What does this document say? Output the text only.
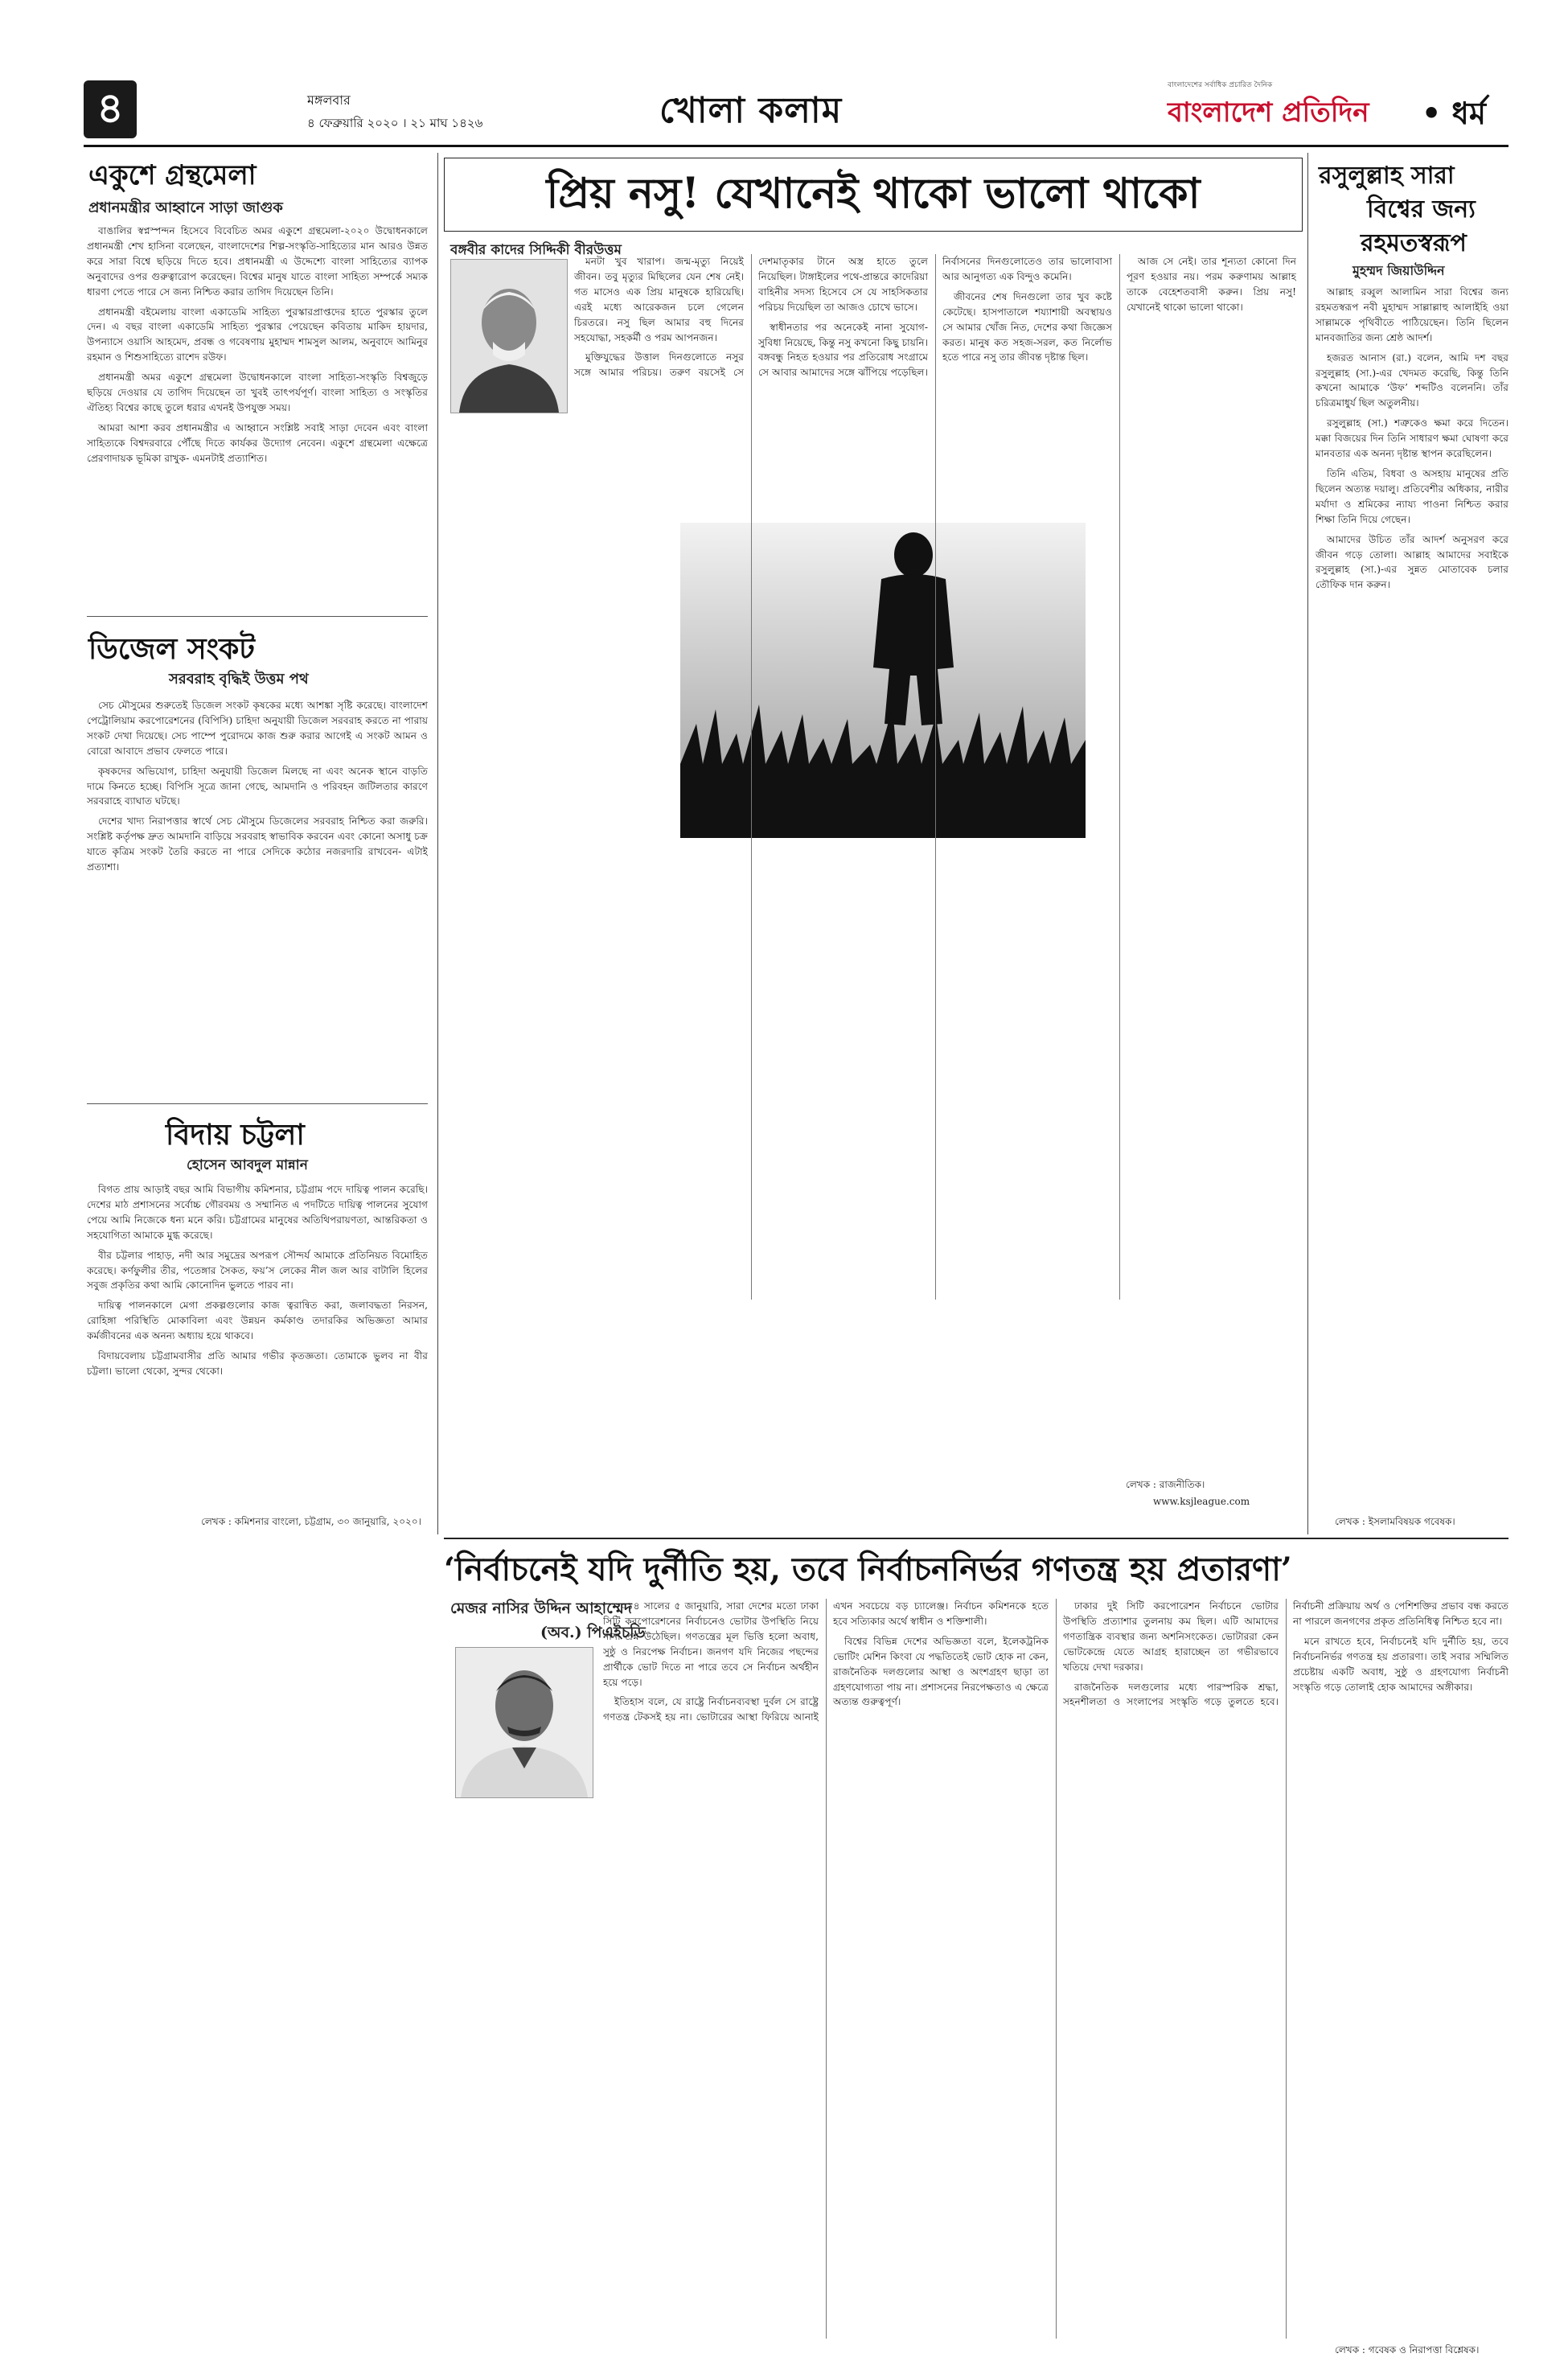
৪	মঙ্গলবার
৪ ফেব্রুয়ারি ২০২০ । ২১ মাঘ ১৪২৬	খোলা কলাম
বাংলাদেশের সর্বাধিক প্রচারিত দৈনিক
বাংলাদেশ প্রতিদিন • ধর্ম
একুশে গ্রন্থমেলা
প্রধানমন্ত্রীর আহ্বানে সাড়া জাগুক

বাঙালির স্বপ্নস্পন্দন হিসেবে বিবেচিত অমর একুশে গ্রন্থমেলা-২০২০ উদ্বোধনকালে প্রধানমন্ত্রী শেখ হাসিনা বলেছেন, বাংলাদেশের শিল্প-সংস্কৃতি-সাহিত্যের মান আরও উন্নত করে সারা বিশ্বে ছড়িয়ে দিতে হবে। প্রধানমন্ত্রী এ উদ্দেশ্যে বাংলা সাহিত্যের ব্যাপক অনুবাদের ওপর গুরুত্বারোপ করেছেন। বিশ্বের মানুষ যাতে বাংলা সাহিত্য সম্পর্কে সম্যক ধারণা পেতে পারে সে জন্য নিশ্চিত করার তাগিদ দিয়েছেন তিনি।

প্রধানমন্ত্রী বইমেলায় বাংলা একাডেমি সাহিত্য পুরস্কারপ্রাপ্তদের হাতে পুরস্কার তুলে দেন। এ বছর বাংলা একাডেমি সাহিত্য পুরস্কার পেয়েছেন কবিতায় মাকিদ হায়দার, উপন্যাসে ওয়াসি আহমেদ, প্রবন্ধ ও গবেষণায় মুহাম্মদ শামসুল আলম, অনুবাদে আমিনুর রহমান ও শিশুসাহিত্যে রাশেদ রউফ।

প্রধানমন্ত্রী অমর একুশে গ্রন্থমেলা উদ্বোধনকালে বাংলা সাহিত্য-সংস্কৃতি বিশ্বজুড়ে ছড়িয়ে দেওয়ার যে তাগিদ দিয়েছেন তা খুবই তাৎপর্যপূর্ণ। বাংলা সাহিত্য ও সংস্কৃতির ঐতিহ্য বিশ্বের কাছে তুলে ধরার এখনই উপযুক্ত সময়।

আমরা আশা করব প্রধানমন্ত্রীর এ আহ্বানে সংশ্লিষ্ট সবাই সাড়া দেবেন এবং বাংলা সাহিত্যকে বিশ্বদরবারে পৌঁছে দিতে কার্যকর উদ্যোগ নেবেন। একুশে গ্রন্থমেলা এক্ষেত্রে প্রেরণাদায়ক ভূমিকা রাখুক- এমনটাই প্রত্যাশিত।

ডিজেল সংকট
সরবরাহ বৃদ্ধিই উত্তম পথ

সেচ মৌসুমের শুরুতেই ডিজেল সংকট কৃষকের মধ্যে আশঙ্কা সৃষ্টি করেছে। বাংলাদেশ পেট্রোলিয়াম করপোরেশনের (বিপিসি) চাহিদা অনুযায়ী ডিজেল সরবরাহ করতে না পারায় সংকট দেখা দিয়েছে। সেচ পাম্পে পুরোদমে কাজ শুরু করার আগেই এ সংকট আমন ও বোরো আবাদে প্রভাব ফেলতে পারে।

কৃষকদের অভিযোগ, চাহিদা অনুযায়ী ডিজেল মিলছে না এবং অনেক স্থানে বাড়তি দামে কিনতে হচ্ছে। বিপিসি সূত্রে জানা গেছে, আমদানি ও পরিবহন জটিলতার কারণে সরবরাহে ব্যাঘাত ঘটছে।

দেশের খাদ্য নিরাপত্তার স্বার্থে সেচ মৌসুমে ডিজেলের সরবরাহ নিশ্চিত করা জরুরি। সংশ্লিষ্ট কর্তৃপক্ষ দ্রুত আমদানি বাড়িয়ে সরবরাহ স্বাভাবিক করবেন এবং কোনো অসাধু চক্র যাতে কৃত্রিম সংকট তৈরি করতে না পারে সেদিকে কঠোর নজরদারি রাখবেন- এটাই প্রত্যাশা।

বিদায় চট্টলা
হোসেন আবদুল মান্নান

বিগত প্রায় আড়াই বছর আমি বিভাগীয় কমিশনার, চট্টগ্রাম পদে দায়িত্ব পালন করেছি। দেশের মাঠ প্রশাসনের সর্বোচ্চ গৌরবময় ও সম্মানিত এ পদটিতে দায়িত্ব পালনের সুযোগ পেয়ে আমি নিজেকে ধন্য মনে করি। চট্টগ্রামের মানুষের অতিথিপরায়ণতা, আন্তরিকতা ও সহযোগিতা আমাকে মুগ্ধ করেছে।

বীর চট্টলার পাহাড়, নদী আর সমুদ্রের অপরূপ সৌন্দর্য আমাকে প্রতিনিয়ত বিমোহিত করেছে। কর্ণফুলীর তীর, পতেঙ্গার সৈকত, ফয়’স লেকের নীল জল আর বাটালি হিলের সবুজ প্রকৃতির কথা আমি কোনোদিন ভুলতে পারব না।

দায়িত্ব পালনকালে মেগা প্রকল্পগুলোর কাজ ত্বরান্বিত করা, জলাবদ্ধতা নিরসন, রোহিঙ্গা পরিস্থিতি মোকাবিলা এবং উন্নয়ন কর্মকাণ্ড তদারকির অভিজ্ঞতা আমার কর্মজীবনের এক অনন্য অধ্যায় হয়ে থাকবে।

বিদায়বেলায় চট্টগ্রামবাসীর প্রতি আমার গভীর কৃতজ্ঞতা। তোমাকে ভুলব না বীর চট্টলা। ভালো থেকো, সুন্দর থেকো।

লেখক : কমিশনার বাংলো, চট্টগ্রাম, ৩০ জানুয়ারি, ২০২০।
প্রিয় নসু! যেখানেই থাকো ভালো থাকো
বঙ্গবীর কাদের সিদ্দিকী বীরউত্তম

মনটা খুব খারাপ। জন্ম-মৃত্যু নিয়েই জীবন। তবু মৃত্যুর মিছিলের যেন শেষ নেই। গত মাসেও এক প্রিয় মানুষকে হারিয়েছি। এরই মধ্যে আরেকজন চলে গেলেন চিরতরে। নসু ছিল আমার বহু দিনের সহযোদ্ধা, সহকর্মী ও পরম আপনজন।

মুক্তিযুদ্ধের উত্তাল দিনগুলোতে নসুর সঙ্গে আমার পরিচয়। তরুণ বয়সেই সে দেশমাতৃকার টানে অস্ত্র হাতে তুলে নিয়েছিল। টাঙ্গাইলের পথে-প্রান্তরে কাদেরিয়া বাহিনীর সদস্য হিসেবে সে যে সাহসিকতার পরিচয় দিয়েছিল তা আজও চোখে ভাসে।

স্বাধীনতার পর অনেকেই নানা সুযোগ-সুবিধা নিয়েছে, কিন্তু নসু কখনো কিছু চায়নি। বঙ্গবন্ধু নিহত হওয়ার পর প্রতিরোধ সংগ্রামে সে আবার আমাদের সঙ্গে ঝাঁপিয়ে পড়েছিল। নির্বাসনের দিনগুলোতেও তার ভালোবাসা আর আনুগত্য এক বিন্দুও কমেনি।

জীবনের শেষ দিনগুলো তার খুব কষ্টে কেটেছে। হাসপাতালে শয্যাশায়ী অবস্থায়ও সে আমার খোঁজ নিত, দেশের কথা জিজ্ঞেস করত। মানুষ কত সহজ-সরল, কত নির্লোভ হতে পারে নসু তার জীবন্ত দৃষ্টান্ত ছিল।

আজ সে নেই। তার শূন্যতা কোনো দিন পূরণ হওয়ার নয়। পরম করুণাময় আল্লাহ তাকে বেহেশতবাসী করুন। প্রিয় নসু! যেখানেই থাকো ভালো থাকো।

লেখক : রাজনীতিক।
www.ksjleague.com
রসুলুল্লাহ সারা
বিশ্বের জন্য
রহমতস্বরূপ
মুহম্মদ জিয়াউদ্দিন

আল্লাহ রব্বুল আলামিন সারা বিশ্বের জন্য রহমতস্বরূপ নবী মুহাম্মদ সাল্লাল্লাহু আলাইহি ওয়া সাল্লামকে পৃথিবীতে পাঠিয়েছেন। তিনি ছিলেন মানবজাতির জন্য শ্রেষ্ঠ আদর্শ।

হজরত আনাস (রা.) বলেন, আমি দশ বছর রসুলুল্লাহ (সা.)-এর খেদমত করেছি, কিন্তু তিনি কখনো আমাকে ‘উফ’ শব্দটিও বলেননি। তাঁর চরিত্রমাধুর্য ছিল অতুলনীয়।

রসুলুল্লাহ (সা.) শত্রুকেও ক্ষমা করে দিতেন। মক্কা বিজয়ের দিন তিনি সাধারণ ক্ষমা ঘোষণা করে মানবতার এক অনন্য দৃষ্টান্ত স্থাপন করেছিলেন।

তিনি এতিম, বিধবা ও অসহায় মানুষের প্রতি ছিলেন অত্যন্ত দয়ালু। প্রতিবেশীর অধিকার, নারীর মর্যাদা ও শ্রমিকের ন্যায্য পাওনা নিশ্চিত করার শিক্ষা তিনি দিয়ে গেছেন।

আমাদের উচিত তাঁর আদর্শ অনুসরণ করে জীবন গড়ে তোলা। আল্লাহ আমাদের সবাইকে রসুলুল্লাহ (সা.)-এর সুন্নত মোতাবেক চলার তৌফিক দান করুন।

লেখক : ইসলামবিষয়ক গবেষক।
‘নির্বাচনেই যদি দুর্নীতি হয়, তবে নির্বাচননির্ভর গণতন্ত্র হয় প্রতারণা’
মেজর নাসির উদ্দিন আহাম্মেদ
(অব.) পিএইচডি

২০১৪ সালের ৫ জানুয়ারি, সারা দেশের মতো ঢাকা সিটি করপোরেশনের নির্বাচনেও ভোটার উপস্থিতি নিয়ে নানা প্রশ্ন উঠেছিল। গণতন্ত্রের মূল ভিত্তি হলো অবাধ, সুষ্ঠু ও নিরপেক্ষ নির্বাচন। জনগণ যদি নিজের পছন্দের প্রার্থীকে ভোট দিতে না পারে তবে সে নির্বাচন অর্থহীন হয়ে পড়ে।

ইতিহাস বলে, যে রাষ্ট্রে নির্বাচনব্যবস্থা দুর্বল সে রাষ্ট্রে গণতন্ত্র টেকসই হয় না। ভোটারের আস্থা ফিরিয়ে আনাই এখন সবচেয়ে বড় চ্যালেঞ্জ। নির্বাচন কমিশনকে হতে হবে সত্যিকার অর্থে স্বাধীন ও শক্তিশালী।

বিশ্বের বিভিন্ন দেশের অভিজ্ঞতা বলে, ইলেকট্রনিক ভোটিং মেশিন কিংবা যে পদ্ধতিতেই ভোট হোক না কেন, রাজনৈতিক দলগুলোর আস্থা ও অংশগ্রহণ ছাড়া তা গ্রহণযোগ্যতা পায় না। প্রশাসনের নিরপেক্ষতাও এ ক্ষেত্রে অত্যন্ত গুরুত্বপূর্ণ।

ঢাকার দুই সিটি করপোরেশন নির্বাচনে ভোটার উপস্থিতি প্রত্যাশার তুলনায় কম ছিল। এটি আমাদের গণতান্ত্রিক ব্যবস্থার জন্য অশনিসংকেত। ভোটাররা কেন ভোটকেন্দ্রে যেতে আগ্রহ হারাচ্ছেন তা গভীরভাবে খতিয়ে দেখা দরকার।

রাজনৈতিক দলগুলোর মধ্যে পারস্পরিক শ্রদ্ধা, সহনশীলতা ও সংলাপের সংস্কৃতি গড়ে তুলতে হবে। নির্বাচনী প্রক্রিয়ায় অর্থ ও পেশিশক্তির প্রভাব বন্ধ করতে না পারলে জনগণের প্রকৃত প্রতিনিধিত্ব নিশ্চিত হবে না।

মনে রাখতে হবে, নির্বাচনেই যদি দুর্নীতি হয়, তবে নির্বাচননির্ভর গণতন্ত্র হয় প্রতারণা। তাই সবার সম্মিলিত প্রচেষ্টায় একটি অবাধ, সুষ্ঠু ও গ্রহণযোগ্য নির্বাচনী সংস্কৃতি গড়ে তোলাই হোক আমাদের অঙ্গীকার।

লেখক : গবেষক ও নিরাপত্তা বিশ্লেষক।
